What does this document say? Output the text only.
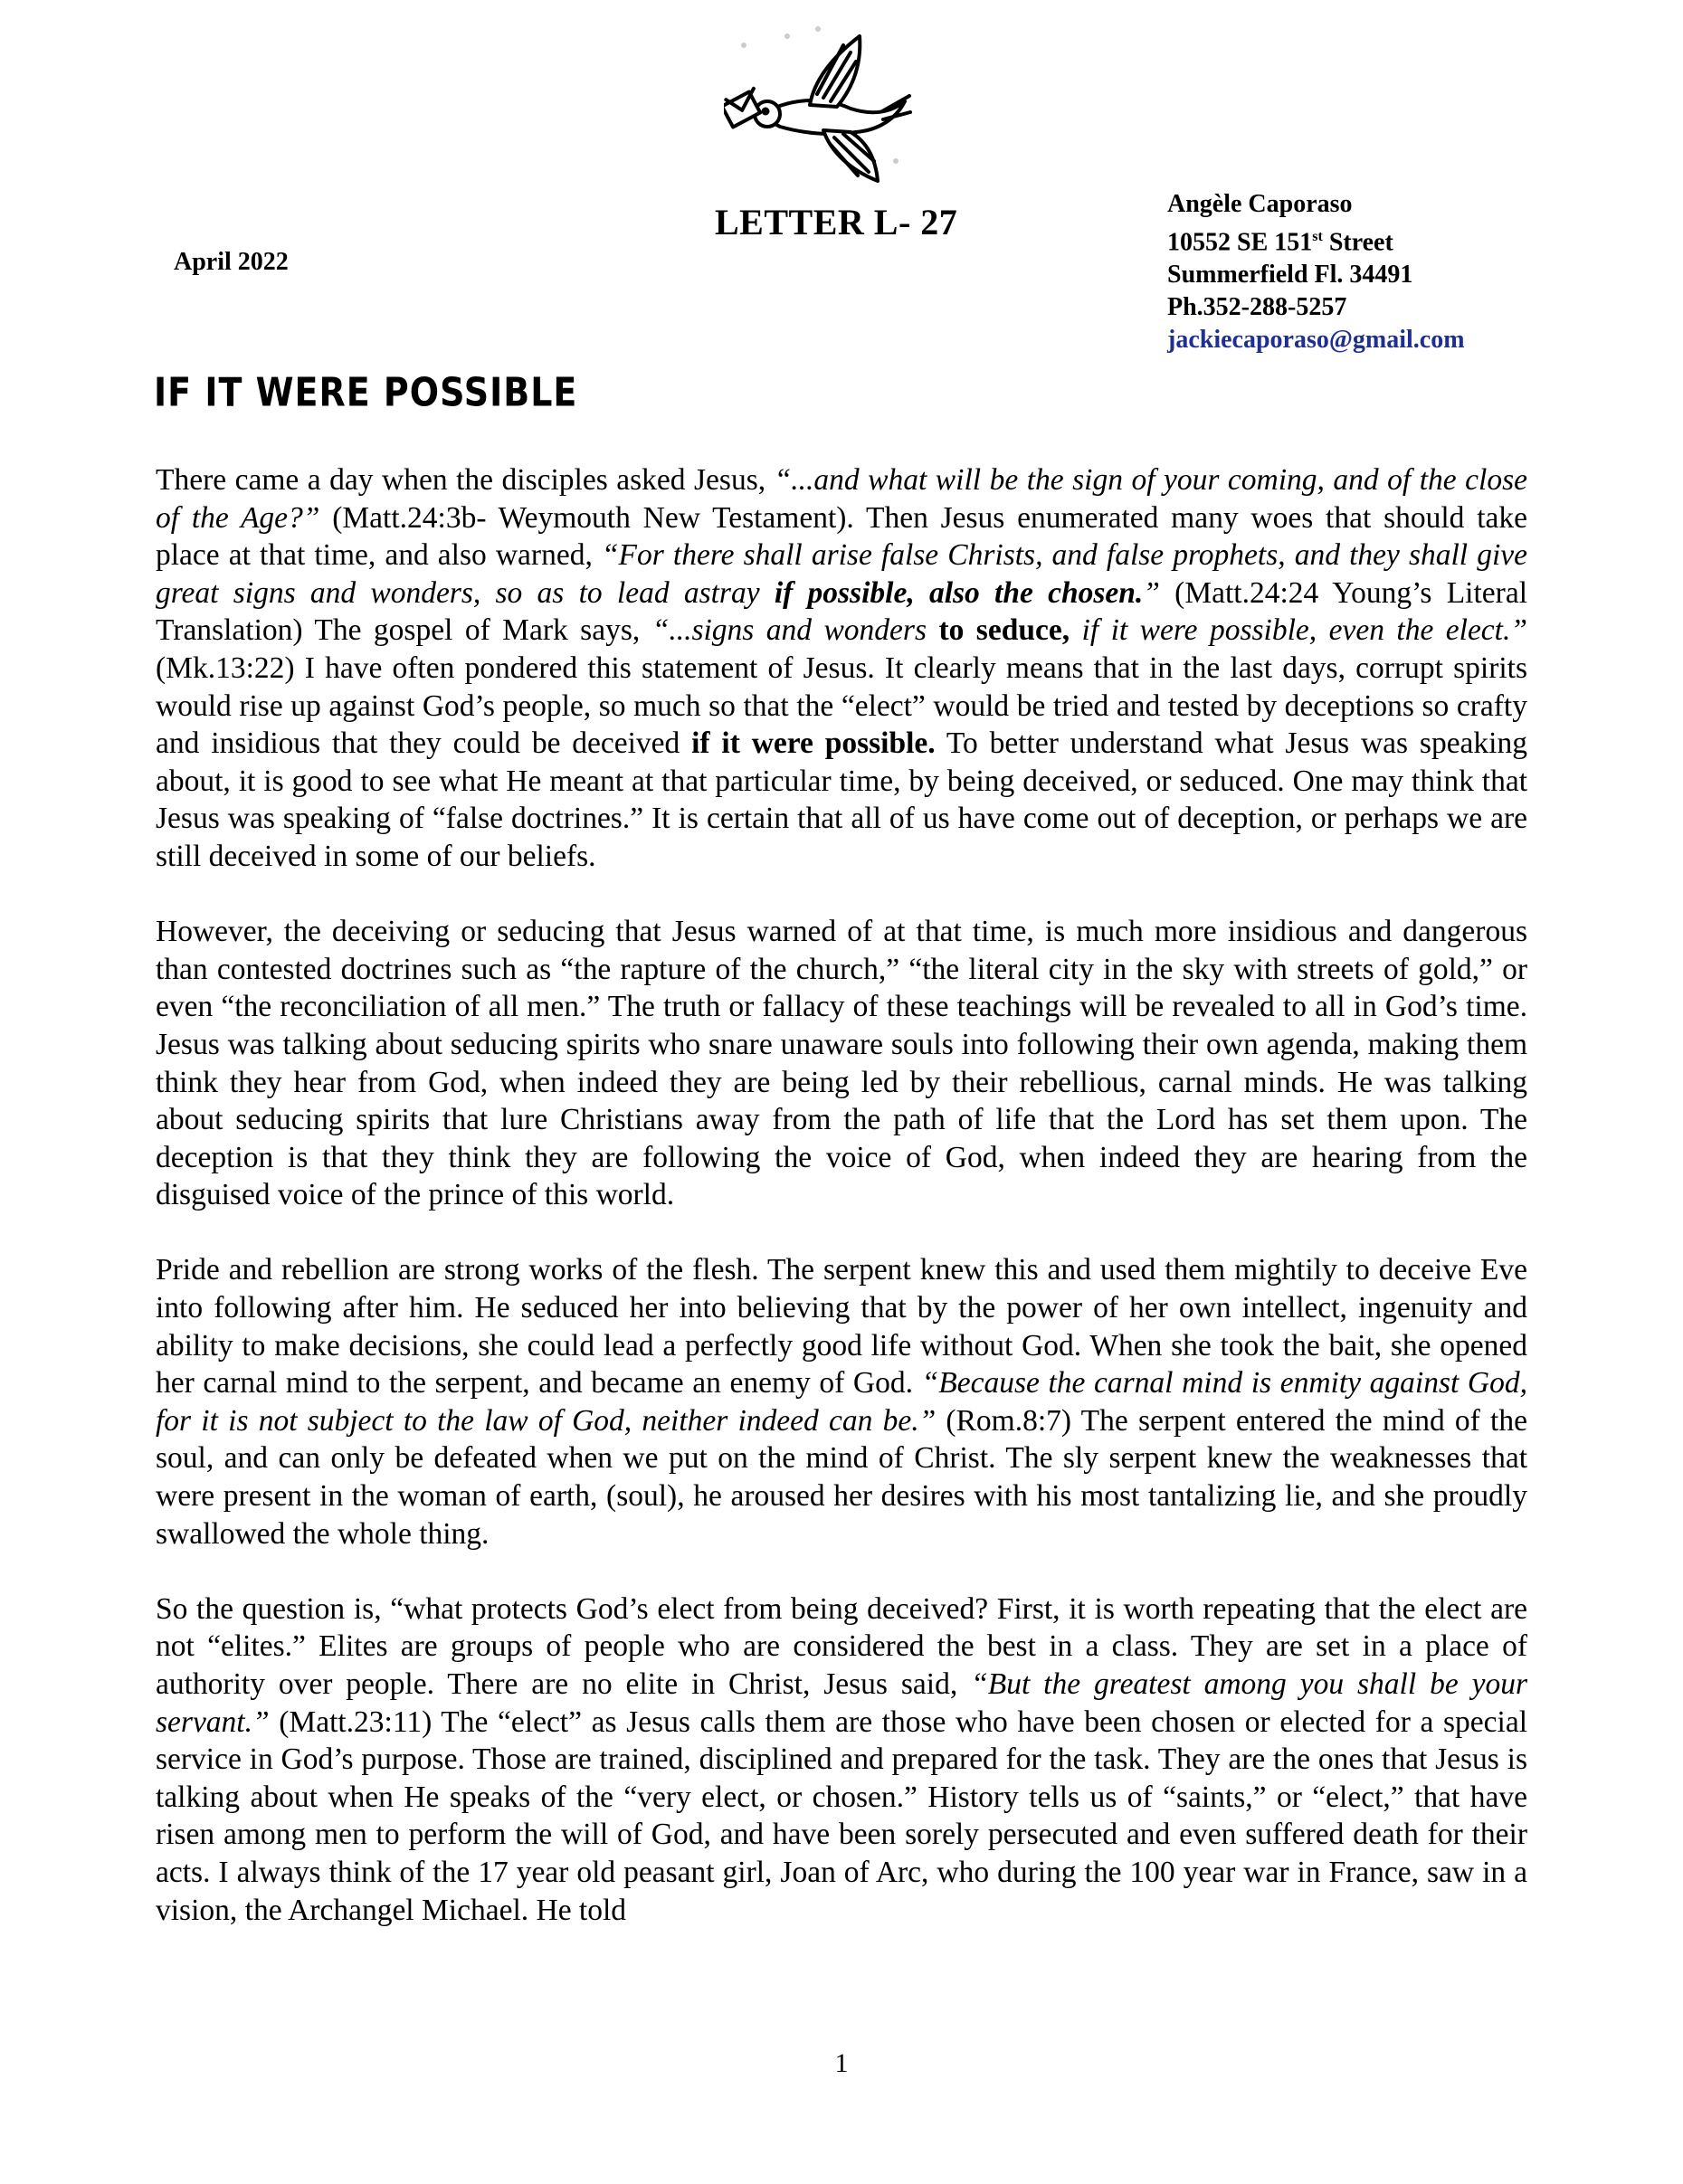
LETTER L- 27
April 2022
Angèle Caporaso
10552 SE 151st Street
Summerfield Fl. 34491
Ph.352-288-5257
jackiecaporaso@gmail.com
IF IT WERE POSSIBLE

There came a day when the disciples asked Jesus, “...and what will be the sign of your coming, and of the close of the Age?” (Matt.24:3b- Weymouth New Testament). Then Jesus enumerated many woes that should take place at that time, and also warned, “For there shall arise false Christs, and false prophets, and they shall give great signs and wonders, so as to lead astray if possible, also the chosen.” (Matt.24:24 Young’s Literal Translation) The gospel of Mark says, “...signs and wonders to seduce, if it were possible, even the elect.” (Mk.13:22) I have often pondered this statement of Jesus. It clearly means that in the last days, corrupt spirits would rise up against God’s people, so much so that the “elect” would be tried and tested by deceptions so crafty and insidious that they could be deceived if it were possible. To better understand what Jesus was speaking about, it is good to see what He meant at that particular time, by being deceived, or seduced. One may think that Jesus was speaking of “false doctrines.” It is certain that all of us have come out of deception, or perhaps we are still deceived in some of our beliefs.

However, the deceiving or seducing that Jesus warned of at that time, is much more insidious and dangerous than contested doctrines such as “the rapture of the church,” “the literal city in the sky with streets of gold,” or even “the reconciliation of all men.” The truth or fallacy of these teachings will be revealed to all in God’s time. Jesus was talking about seducing spirits who snare unaware souls into following their own agenda, making them think they hear from God, when indeed they are being led by their rebellious, carnal minds. He was talking about seducing spirits that lure Christians away from the path of life that the Lord has set them upon. The deception is that they think they are following the voice of God, when indeed they are hearing from the disguised voice of the prince of this world.

Pride and rebellion are strong works of the flesh. The serpent knew this and used them mightily to deceive Eve into following after him. He seduced her into believing that by the power of her own intellect, ingenuity and ability to make decisions, she could lead a perfectly good life without God. When she took the bait, she opened her carnal mind to the serpent, and became an enemy of God. “Because the carnal mind is enmity against God, for it is not subject to the law of God, neither indeed can be.” (Rom.8:7) The serpent entered the mind of the soul, and can only be defeated when we put on the mind of Christ. The sly serpent knew the weaknesses that were present in the woman of earth, (soul), he aroused her desires with his most tantalizing lie, and she proudly swallowed the whole thing.

So the question is, “what protects God’s elect from being deceived? First, it is worth repeating that the elect are not “elites.” Elites are groups of people who are considered the best in a class. They are set in a place of authority over people. There are no elite in Christ, Jesus said, “But the greatest among you shall be your servant.” (Matt.23:11) The “elect” as Jesus calls them are those who have been chosen or elected for a special service in God’s purpose. Those are trained, disciplined and prepared for the task. They are the ones that Jesus is talking about when He speaks of the “very elect, or chosen.” History tells us of “saints,” or “elect,” that have risen among men to perform the will of God, and have been sorely persecuted and even suffered death for their acts. I always think of the 17 year old peasant girl, Joan of Arc, who during the 100 year war in France, saw in a vision, the Archangel Michael. He told

1
